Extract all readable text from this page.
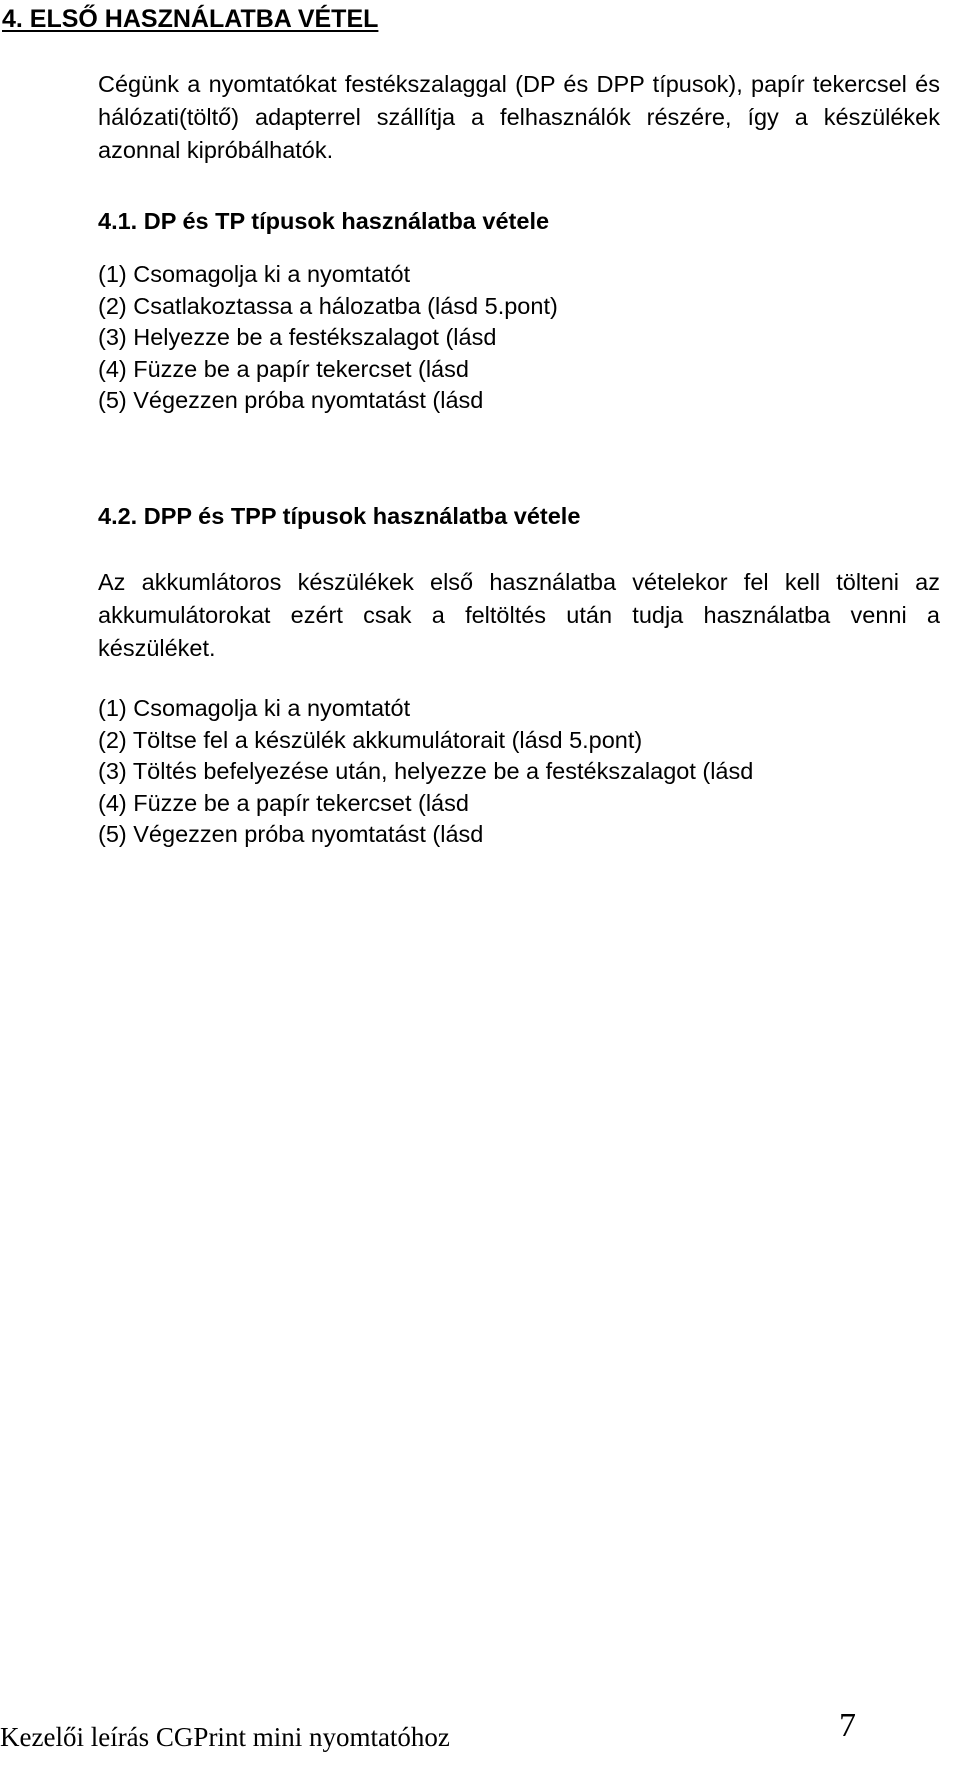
4. ELSŐ HASZNÁLATBA VÉTEL

Cégünk a nyomtatókat festékszalaggal (DP és DPP típusok), papír tekercsel és hálózati(töltő) adapterrel szállítja a felhasználók részére, így a készülékek azonnal kipróbálhatók.

4.1. DP és TP típusok használatba vétele
(1) Csomagolja ki a nyomtatót
(2) Csatlakoztassa a hálozatba (lásd 5.pont)
(3) Helyezze be a festékszalagot (lásd
(4) Füzze be a papír tekercset (lásd
(5) Végezzen próba nyomtatást (lásd
4.2. DPP és TPP típusok használatba vétele

Az akkumlátoros készülékek első használatba vételekor fel kell tölteni az akkumulátorokat ezért csak a feltöltés után tudja használatba venni a készüléket.

(1) Csomagolja ki a nyomtatót
(2) Töltse fel a készülék akkumulátorait (lásd 5.pont)
(3) Töltés befelyezése után, helyezze be a festékszalagot (lásd
(4) Füzze be a papír tekercset (lásd
(5) Végezzen próba nyomtatást (lásd
Kezelői leírás CGPrint mini nyomtatóhoz	7
